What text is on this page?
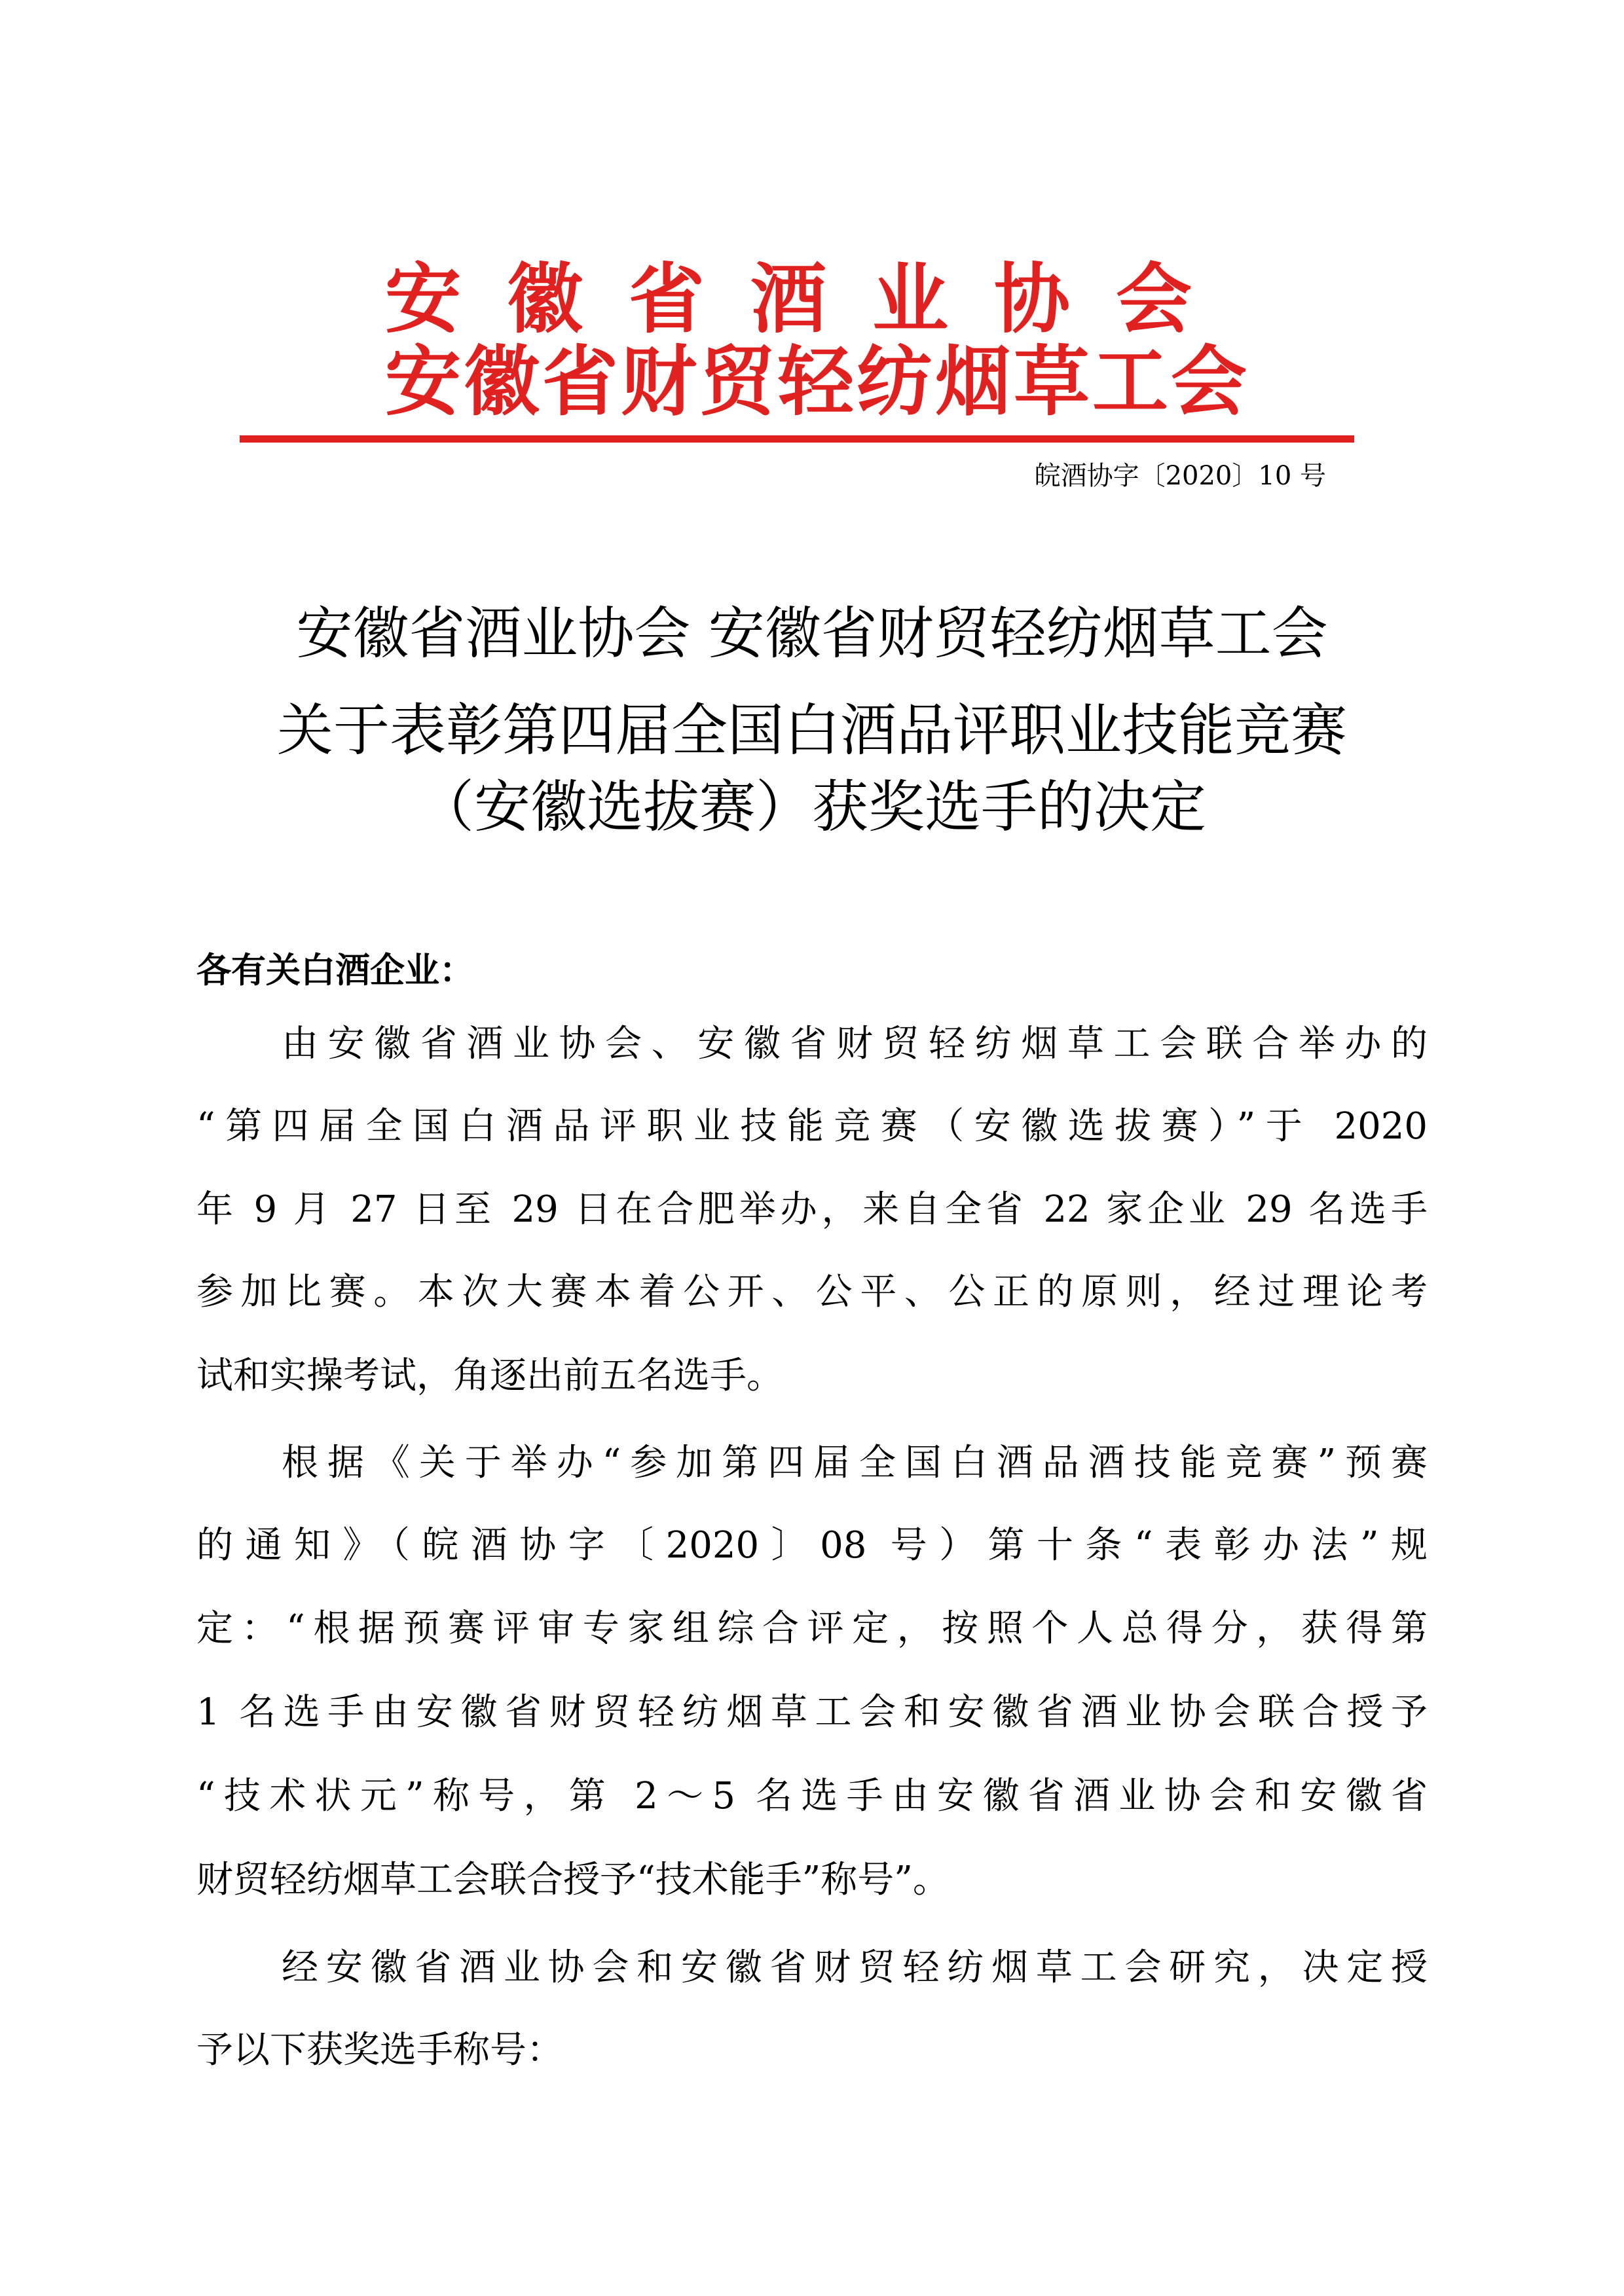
安徽省酒业协会
安徽省财贸轻纺烟草工会
皖酒协字〔2020〕10 号
安徽省酒业协会 安徽省财贸轻纺烟草工会
关于表彰第四届全国白酒品评职业技能竞赛
（安徽选拔赛）获奖选手的决定
各有关白酒企业：
由安徽省酒业协会、安徽省财贸轻纺烟草工会联合举办的
“第四届全国白酒品评职业技能竞赛（安徽选拔赛）”于 2020
年 9 月 27 日至 29 日在合肥举办，来自全省 22 家企业 29 名选手
参加比赛。本次大赛本着公开、公平、公正的原则，经过理论考
试和实操考试，角逐出前五名选手。
根据《关于举办“参加第四届全国白酒品酒技能竞赛”预赛
的通知》（皖酒协字〔2020〕08 号）第十条“表彰办法”规
定：“根据预赛评审专家组综合评定，按照个人总得分，获得第
1 名选手由安徽省财贸轻纺烟草工会和安徽省酒业协会联合授予
“技术状元”称号，第 2～5 名选手由安徽省酒业协会和安徽省
财贸轻纺烟草工会联合授予“技术能手”称号”。
经安徽省酒业协会和安徽省财贸轻纺烟草工会研究，决定授
予以下获奖选手称号：
